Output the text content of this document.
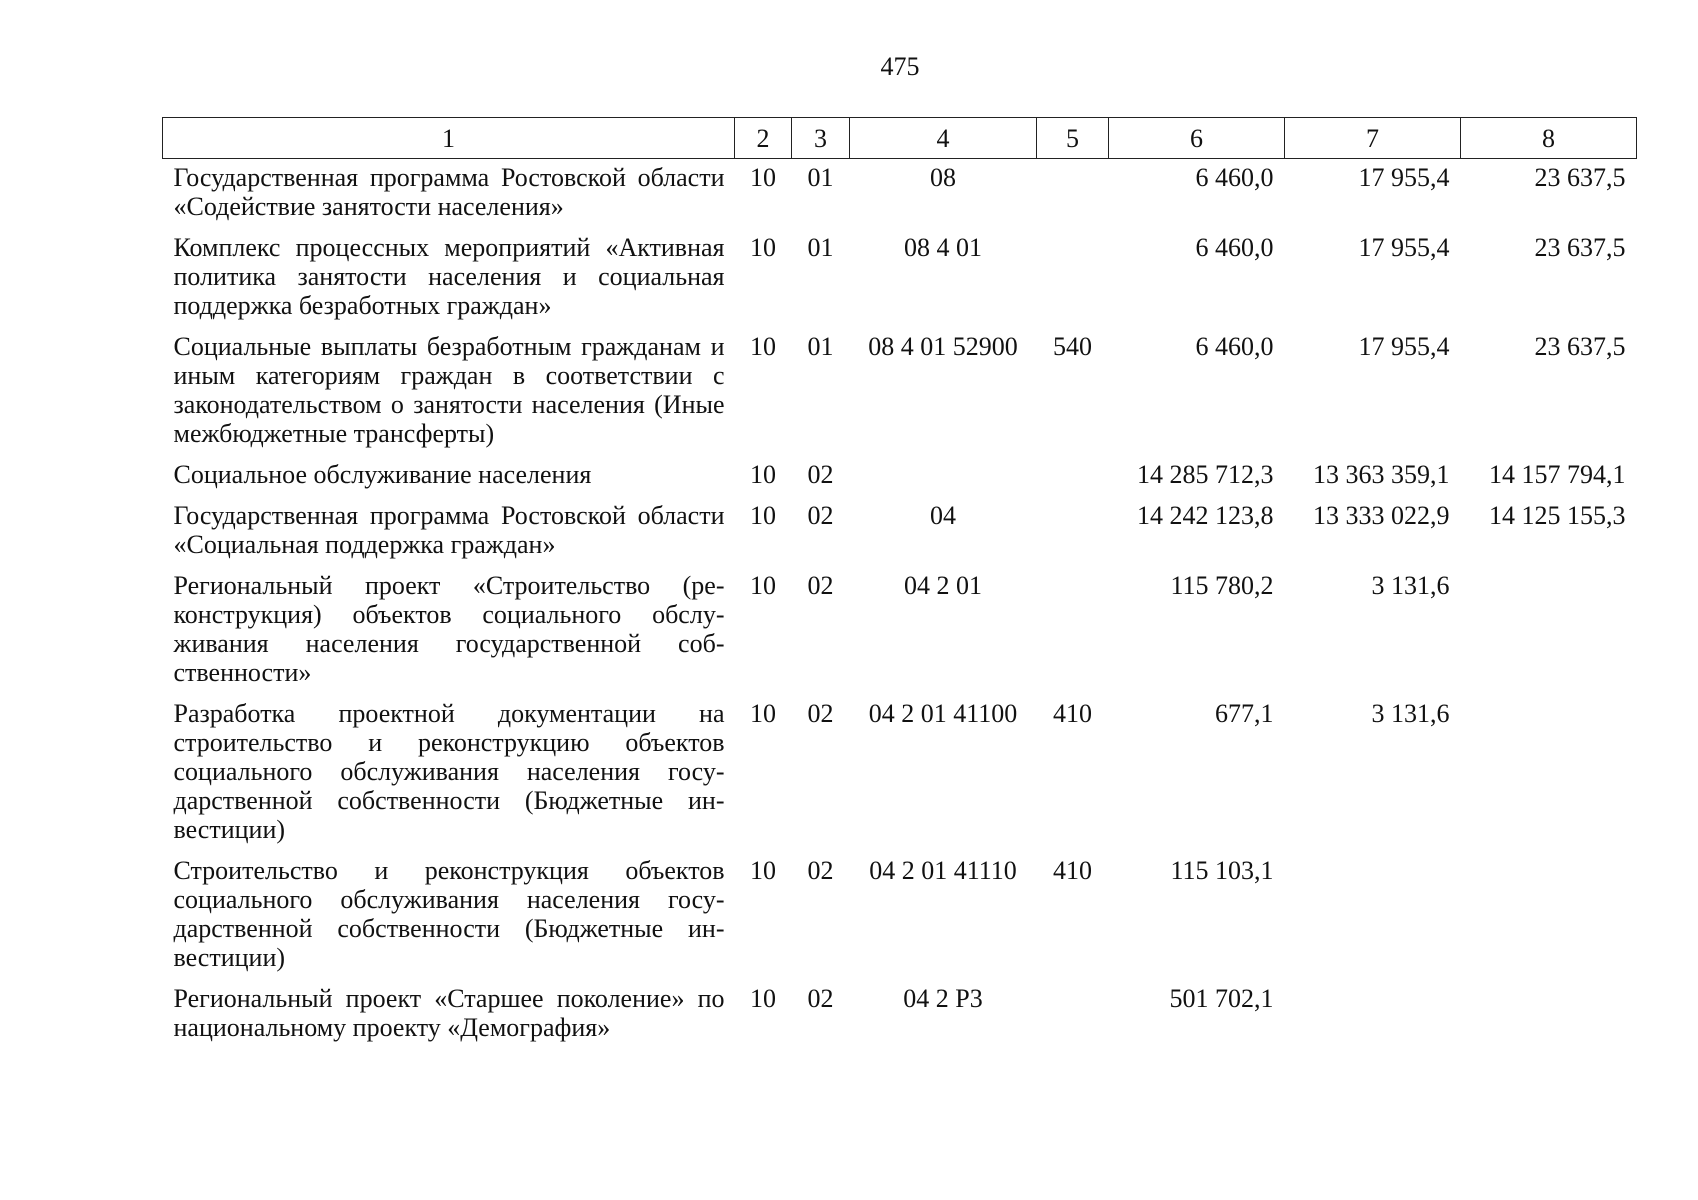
475
1	2	3	4	5	6	7	8
Государственная программа Ростовской области «Содействие занятости населения»	10	01	08		6 460,0	17 955,4	23 637,5
Комплекс процессных мероприятий «Активная политика занятости населения и социальная поддержка безработных граждан»	10	01	08 4 01		6 460,0	17 955,4	23 637,5
Социальные выплаты безработным гражданам и иным категориям граждан в соответствии с законодательством о занятости населения (Иные межбюджетные трансферты)	10	01	08 4 01 52900	540	6 460,0	17 955,4	23 637,5
Социальное обслуживание населения	10	02			14 285 712,3	13 363 359,1	14 157 794,1
Государственная программа Ростовской области «Социальная поддержка граждан»	10	02	04		14 242 123,8	13 333 022,9	14 125 155,3
Региональный проект «Строительство (реконструкция) объектов социального обслуживания населения государственной собственности»	10	02	04 2 01		115 780,2	3 131,6	
Разработка проектной документации на строительство и реконструкцию объектов социального обслуживания населения государственной собственности (Бюджетные инвестиции)	10	02	04 2 01 41100	410	677,1	3 131,6	
Строительство и реконструкция объектов социального обслуживания населения государственной собственности (Бюджетные инвестиции)	10	02	04 2 01 41110	410	115 103,1		
Региональный проект «Старшее поколение» по национальному проекту «Демография»	10	02	04 2 Р3		501 702,1		
